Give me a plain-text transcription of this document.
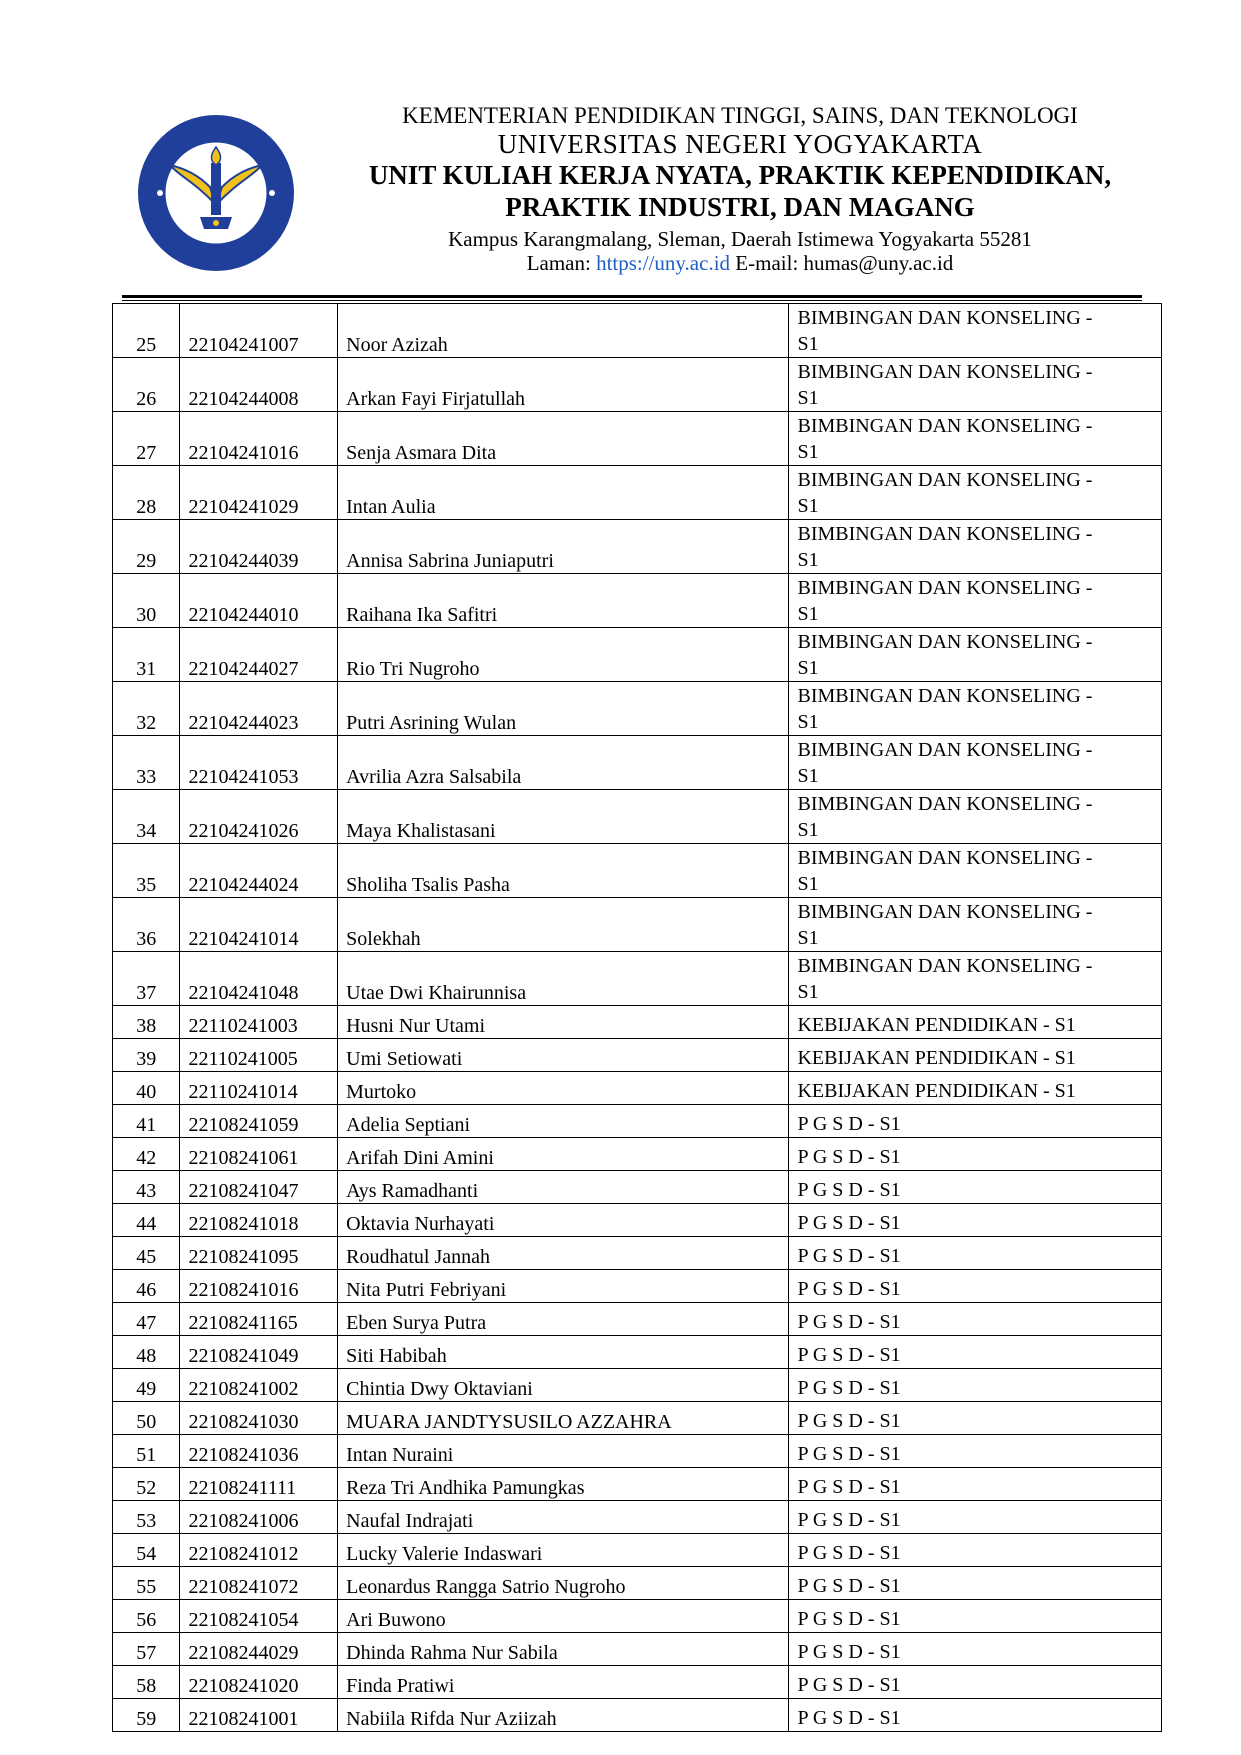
KEMENTERIAN PENDIDIKAN TINGGI, SAINS, DAN TEKNOLOGI
UNIVERSITAS NEGERI YOGYAKARTA
UNIT KULIAH KERJA NYATA, PRAKTIK KEPENDIDIKAN,
PRAKTIK INDUSTRI, DAN MAGANG
Kampus Karangmalang, Sleman, Daerah Istimewa Yogyakarta 55281
Laman: https://uny.ac.id E-mail: humas@uny.ac.id
25	22104241007	Noor Azizah	BIMBINGAN DAN KONSELING -
S1

26	22104244008	Arkan Fayi Firjatullah	BIMBINGAN DAN KONSELING -
S1

27	22104241016	Senja Asmara Dita	BIMBINGAN DAN KONSELING -
S1

28	22104241029	Intan Aulia	BIMBINGAN DAN KONSELING -
S1

29	22104244039	Annisa Sabrina Juniaputri	BIMBINGAN DAN KONSELING -
S1

30	22104244010	Raihana Ika Safitri	BIMBINGAN DAN KONSELING -
S1

31	22104244027	Rio Tri Nugroho	BIMBINGAN DAN KONSELING -
S1

32	22104244023	Putri Asrining Wulan	BIMBINGAN DAN KONSELING -
S1

33	22104241053	Avrilia Azra Salsabila	BIMBINGAN DAN KONSELING -
S1

34	22104241026	Maya Khalistasani	BIMBINGAN DAN KONSELING -
S1

35	22104244024	Sholiha Tsalis Pasha	BIMBINGAN DAN KONSELING -
S1

36	22104241014	Solekhah	BIMBINGAN DAN KONSELING -
S1

37	22104241048	Utae Dwi Khairunnisa	BIMBINGAN DAN KONSELING -
S1

38	22110241003	Husni Nur Utami	KEBIJAKAN PENDIDIKAN - S1

39	22110241005	Umi Setiowati	KEBIJAKAN PENDIDIKAN - S1

40	22110241014	Murtoko	KEBIJAKAN PENDIDIKAN - S1

41	22108241059	Adelia Septiani	P G S D - S1

42	22108241061	Arifah Dini Amini	P G S D - S1

43	22108241047	Ays Ramadhanti	P G S D - S1

44	22108241018	Oktavia Nurhayati	P G S D - S1

45	22108241095	Roudhatul Jannah	P G S D - S1

46	22108241016	Nita Putri Febriyani	P G S D - S1

47	22108241165	Eben Surya Putra	P G S D - S1

48	22108241049	Siti Habibah	P G S D - S1

49	22108241002	Chintia Dwy Oktaviani	P G S D - S1

50	22108241030	MUARA JANDTYSUSILO AZZAHRA	P G S D - S1

51	22108241036	Intan Nuraini	P G S D - S1

52	22108241111	Reza Tri Andhika Pamungkas	P G S D - S1

53	22108241006	Naufal Indrajati	P G S D - S1

54	22108241012	Lucky Valerie Indaswari	P G S D - S1

55	22108241072	Leonardus Rangga Satrio Nugroho	P G S D - S1

56	22108241054	Ari Buwono	P G S D - S1

57	22108244029	Dhinda Rahma Nur Sabila	P G S D - S1

58	22108241020	Finda Pratiwi	P G S D - S1

59	22108241001	Nabiila Rifda Nur Aziizah	P G S D - S1
